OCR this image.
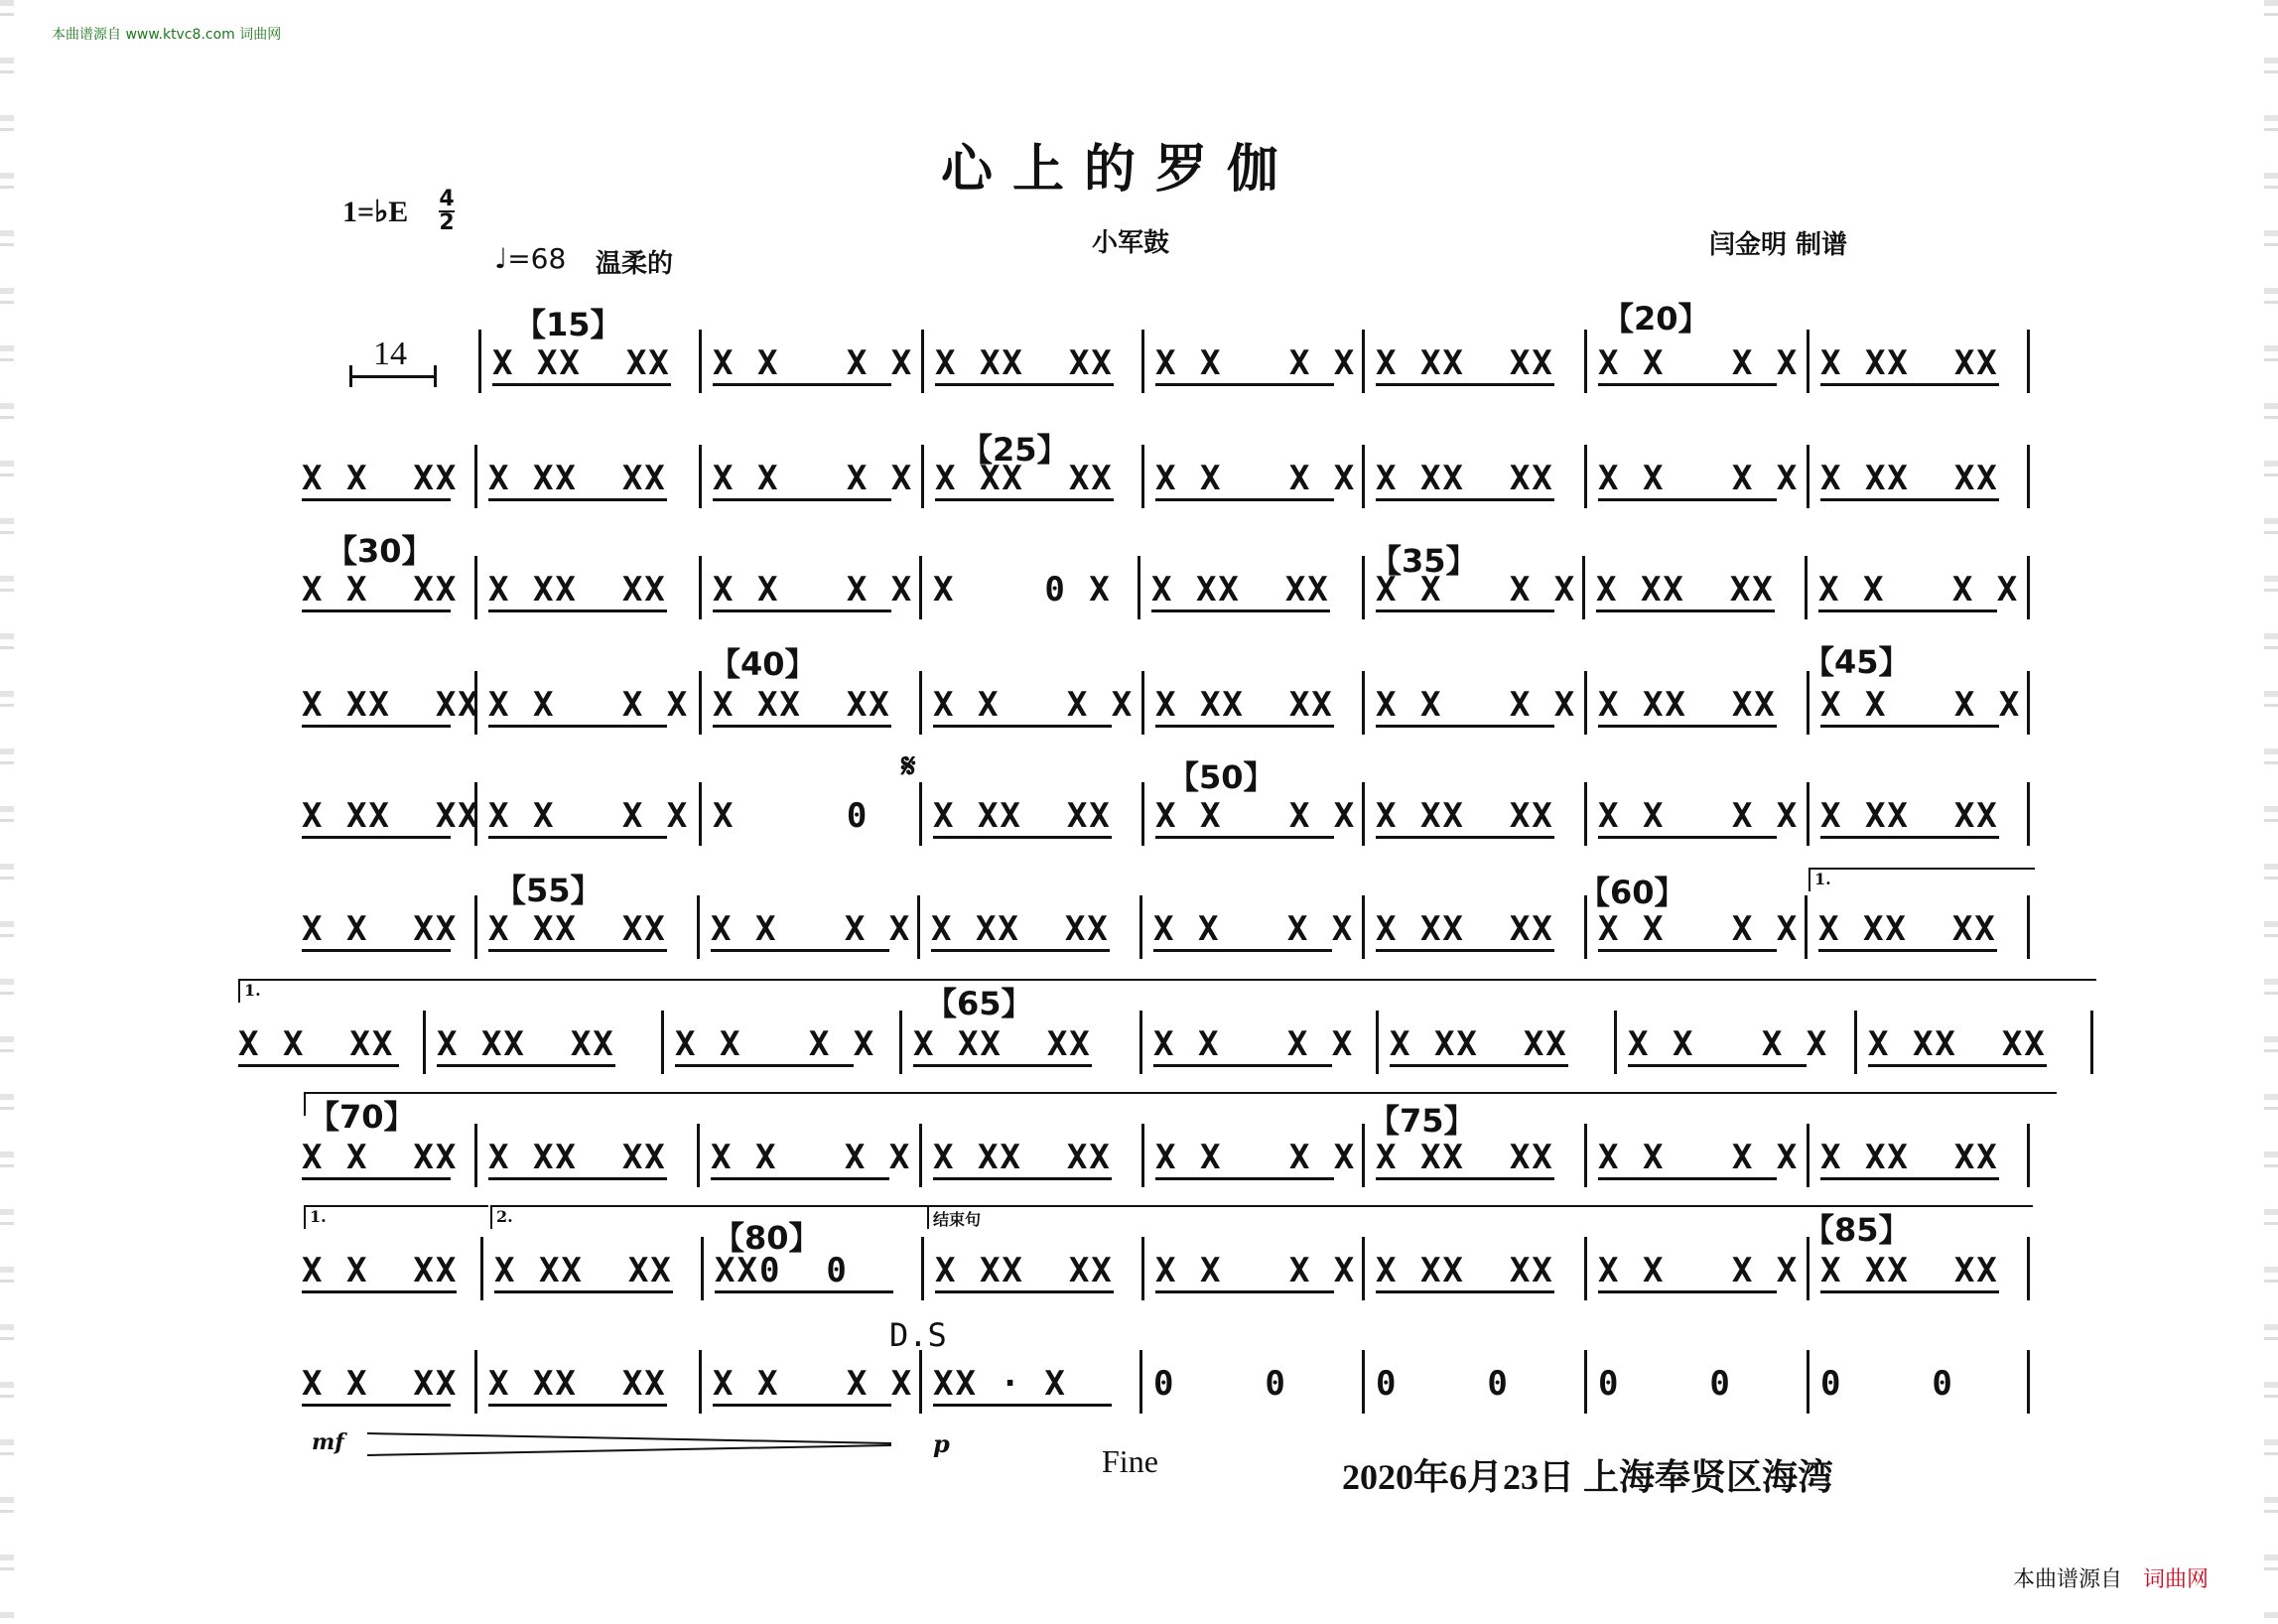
本曲谱源自 www.ktvc8.com 词曲网
心上的罗伽
1=♭E 4
2
♩=68 温柔的
小军鼓	闫金明 制谱
14	X XX  XX X X   X X X XX  XX X X   X X X XX  XX X X   X X X XX  XX
X X  XX X XX  XX X X   X X X XX  XX X X   X X X XX  XX X X   X X X XX  XX
X X  XX X XX  XX X X   X X X    0 X X XX  XX X X   X X X XX  XX X X   X X
X XX  XX X X   X X X XX  XX X X   X X X XX  XX X X   X X X XX  XX X X   X X
X XX  XX X X   X X X     0 X XX  XX X X   X X X XX  XX X X   X X X XX  XX
X X  XX X XX  XX X X   X X X XX  XX X X   X X X XX  XX X X   X X X XX  XX
X X  XX X XX  XX X X   X X X XX  XX X X   X X X XX  XX X X   X X X XX  XX
X X  XX X XX  XX X X   X X X XX  XX X X   X X X XX  XX X X   X X X XX  XX
X X  XX X XX  XX XX0  0	X XX  XX X X   X X X XX  XX X X   X X X XX  XX
X X  XX X XX  XX X X   X X XX · X	0    0	0    0	0    0	0    0
【15】	【20】
【25】
【30】	【35】
【40】	【45】
【50】
【55】	【60】
【65】
【70】	【75】
【80】	【85】
1.
1.
1.	2.	结束句
𝄋
D.S
mf	p	Fine	2020年6月23日 上海奉贤区海湾
本曲谱源自 词曲网
